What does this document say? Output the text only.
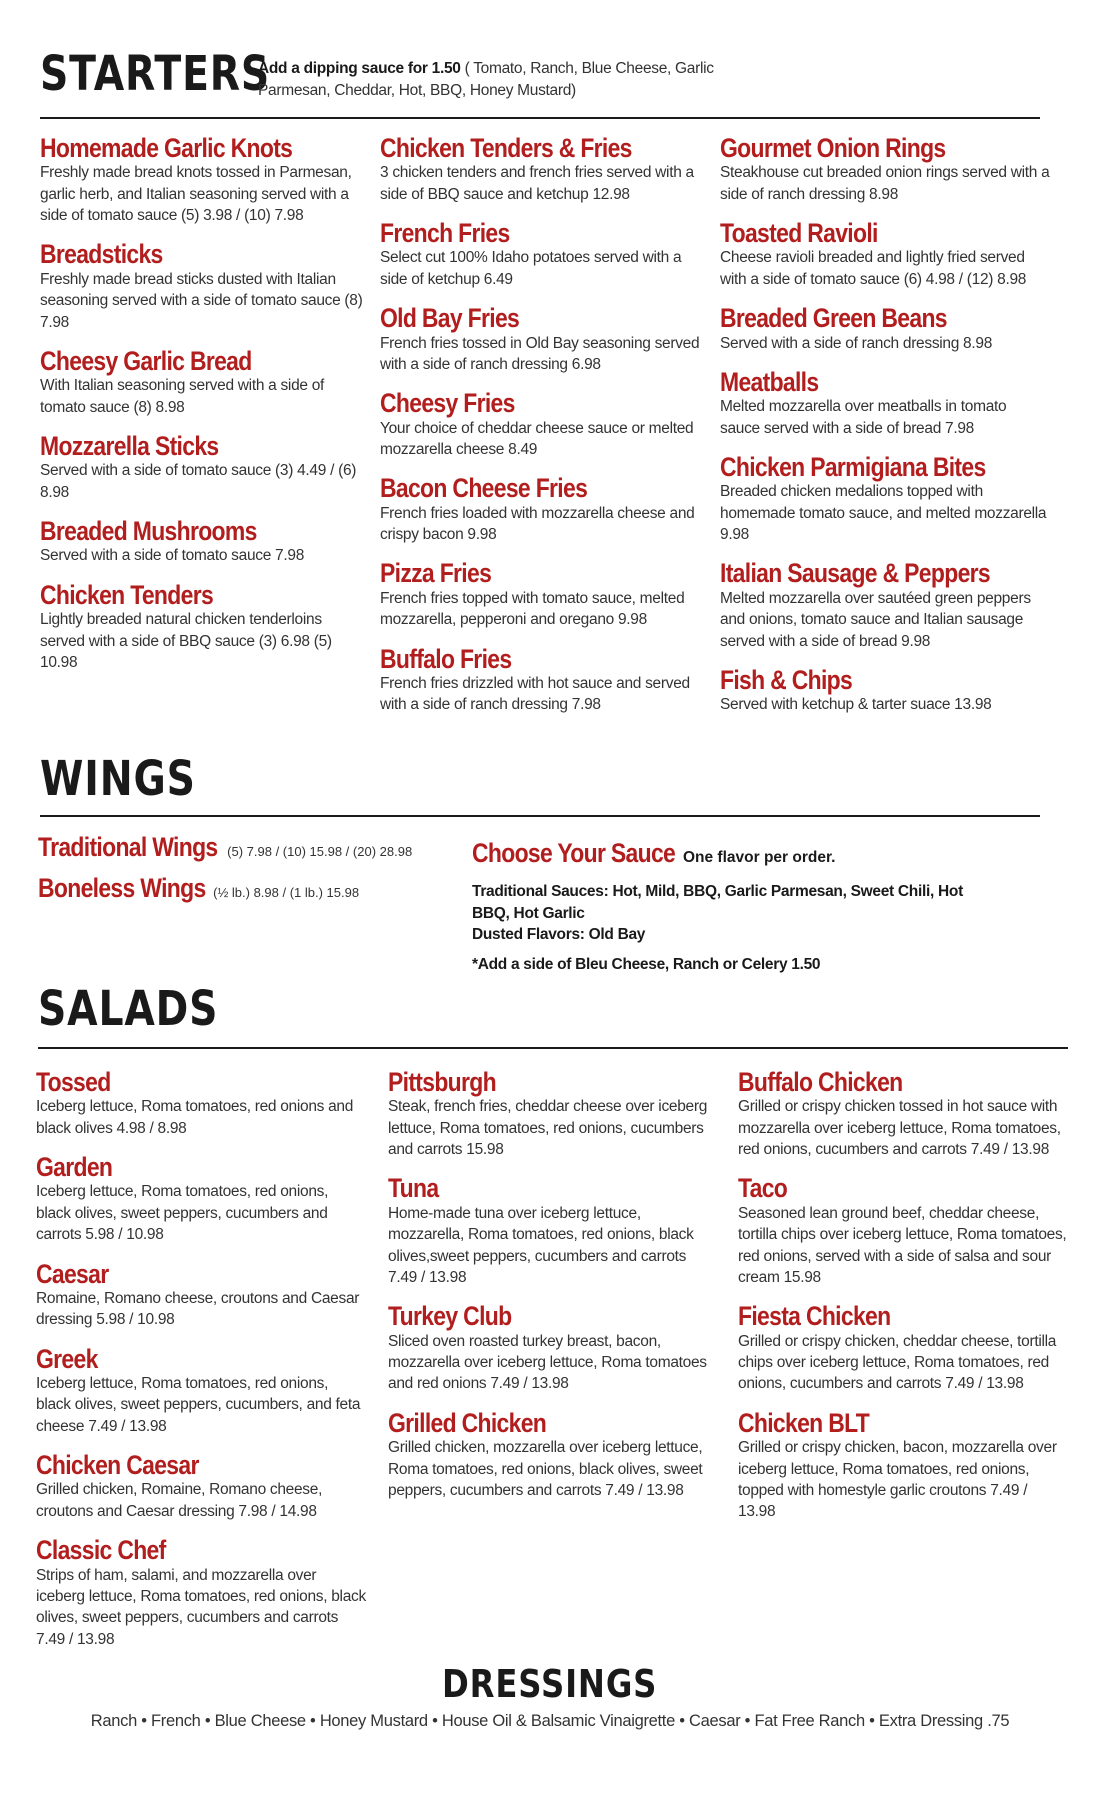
STARTERS
Add a dipping sauce for 1.50 ( Tomato, Ranch, Blue Cheese, Garlic Parmesan, Cheddar, Hot, BBQ, Honey Mustard)
Homemade Garlic Knots
Freshly made bread knots tossed in Parmesan, garlic herb, and Italian seasoning served with a side of tomato sauce (5) 3.98 / (10) 7.98
Breadsticks
Freshly made bread sticks dusted with Italian seasoning served with a side of tomato sauce (8) 7.98
Cheesy Garlic Bread
With Italian seasoning served with a side of tomato sauce (8) 8.98
Mozzarella Sticks
Served with a side of tomato sauce (3) 4.49 / (6) 8.98
Breaded Mushrooms
Served with a side of tomato sauce 7.98
Chicken Tenders
Lightly breaded natural chicken tenderloins served with a side of BBQ sauce (3) 6.98 (5) 10.98
Chicken Tenders & Fries
3 chicken tenders and french fries served with a side of BBQ sauce and ketchup 12.98
French Fries
Select cut 100% Idaho potatoes served with a side of ketchup 6.49
Old Bay Fries
French fries tossed in Old Bay seasoning served with a side of ranch dressing 6.98
Cheesy Fries
Your choice of cheddar cheese sauce or melted mozzarella cheese 8.49
Bacon Cheese Fries
French fries loaded with mozzarella cheese and crispy bacon 9.98
Pizza Fries
French fries topped with tomato sauce, melted mozzarella, pepperoni and oregano 9.98
Buffalo Fries
French fries drizzled with hot sauce and served with a side of ranch dressing 7.98
Gourmet Onion Rings
Steakhouse cut breaded onion rings served with a side of ranch dressing 8.98
Toasted Ravioli
Cheese ravioli breaded and lightly fried served with a side of tomato sauce (6) 4.98 / (12) 8.98
Breaded Green Beans
Served with a side of ranch dressing 8.98
Meatballs
Melted mozzarella over meatballs in tomato sauce served with a side of bread 7.98
Chicken Parmigiana Bites
Breaded chicken medalions topped with homemade tomato sauce, and melted mozzarella 9.98
Italian Sausage & Peppers
Melted mozzarella over sautéed green peppers and onions, tomato sauce and Italian sausage served with a side of bread 9.98
Fish & Chips
Served with ketchup & tarter suace 13.98
WINGS
Traditional Wings (5) 7.98 / (10) 15.98 / (20) 28.98
Boneless Wings (½ lb.) 8.98 / (1 lb.) 15.98
Choose Your Sauce One flavor per order.
Traditional Sauces: Hot, Mild, BBQ, Garlic Parmesan, Sweet Chili, Hot BBQ, Hot Garlic
Dusted Flavors: Old Bay
*Add a side of Bleu Cheese, Ranch or Celery 1.50
SALADS
Tossed
Iceberg lettuce, Roma tomatoes, red onions and black olives 4.98 / 8.98
Garden
Iceberg lettuce, Roma tomatoes, red onions, black olives, sweet peppers, cucumbers and carrots 5.98 / 10.98
Caesar
Romaine, Romano cheese, croutons and Caesar dressing 5.98 / 10.98
Greek
Iceberg lettuce, Roma tomatoes, red onions, black olives, sweet peppers, cucumbers, and feta cheese 7.49 / 13.98
Chicken Caesar
Grilled chicken, Romaine, Romano cheese, croutons and Caesar dressing 7.98 / 14.98
Classic Chef
Strips of ham, salami, and mozzarella over iceberg lettuce, Roma tomatoes, red onions, black olives, sweet peppers, cucumbers and carrots 7.49 / 13.98
Pittsburgh
Steak, french fries, cheddar cheese over iceberg lettuce, Roma tomatoes, red onions, cucumbers and carrots 15.98
Tuna
Home-made tuna over iceberg lettuce, mozzarella, Roma tomatoes, red onions, black olives,sweet peppers, cucumbers and carrots 7.49 / 13.98
Turkey Club
Sliced oven roasted turkey breast, bacon, mozzarella over iceberg lettuce, Roma tomatoes and red onions 7.49 / 13.98
Grilled Chicken
Grilled chicken, mozzarella over iceberg lettuce, Roma tomatoes, red onions, black olives, sweet peppers, cucumbers and carrots 7.49 / 13.98
Buffalo Chicken
Grilled or crispy chicken tossed in hot sauce with mozzarella over iceberg lettuce, Roma tomatoes, red onions, cucumbers and carrots 7.49 / 13.98
Taco
Seasoned lean ground beef, cheddar cheese, tortilla chips over iceberg lettuce, Roma tomatoes, red onions, served with a side of salsa and sour cream 15.98
Fiesta Chicken
Grilled or crispy chicken, cheddar cheese, tortilla chips over iceberg lettuce, Roma tomatoes, red onions, cucumbers and carrots 7.49 / 13.98
Chicken BLT
Grilled or crispy chicken, bacon, mozzarella over iceberg lettuce, Roma tomatoes, red onions, topped with homestyle garlic croutons 7.49 / 13.98
DRESSINGS
Ranch • French • Blue Cheese • Honey Mustard • House Oil & Balsamic Vinaigrette • Caesar • Fat Free Ranch • Extra Dressing .75
